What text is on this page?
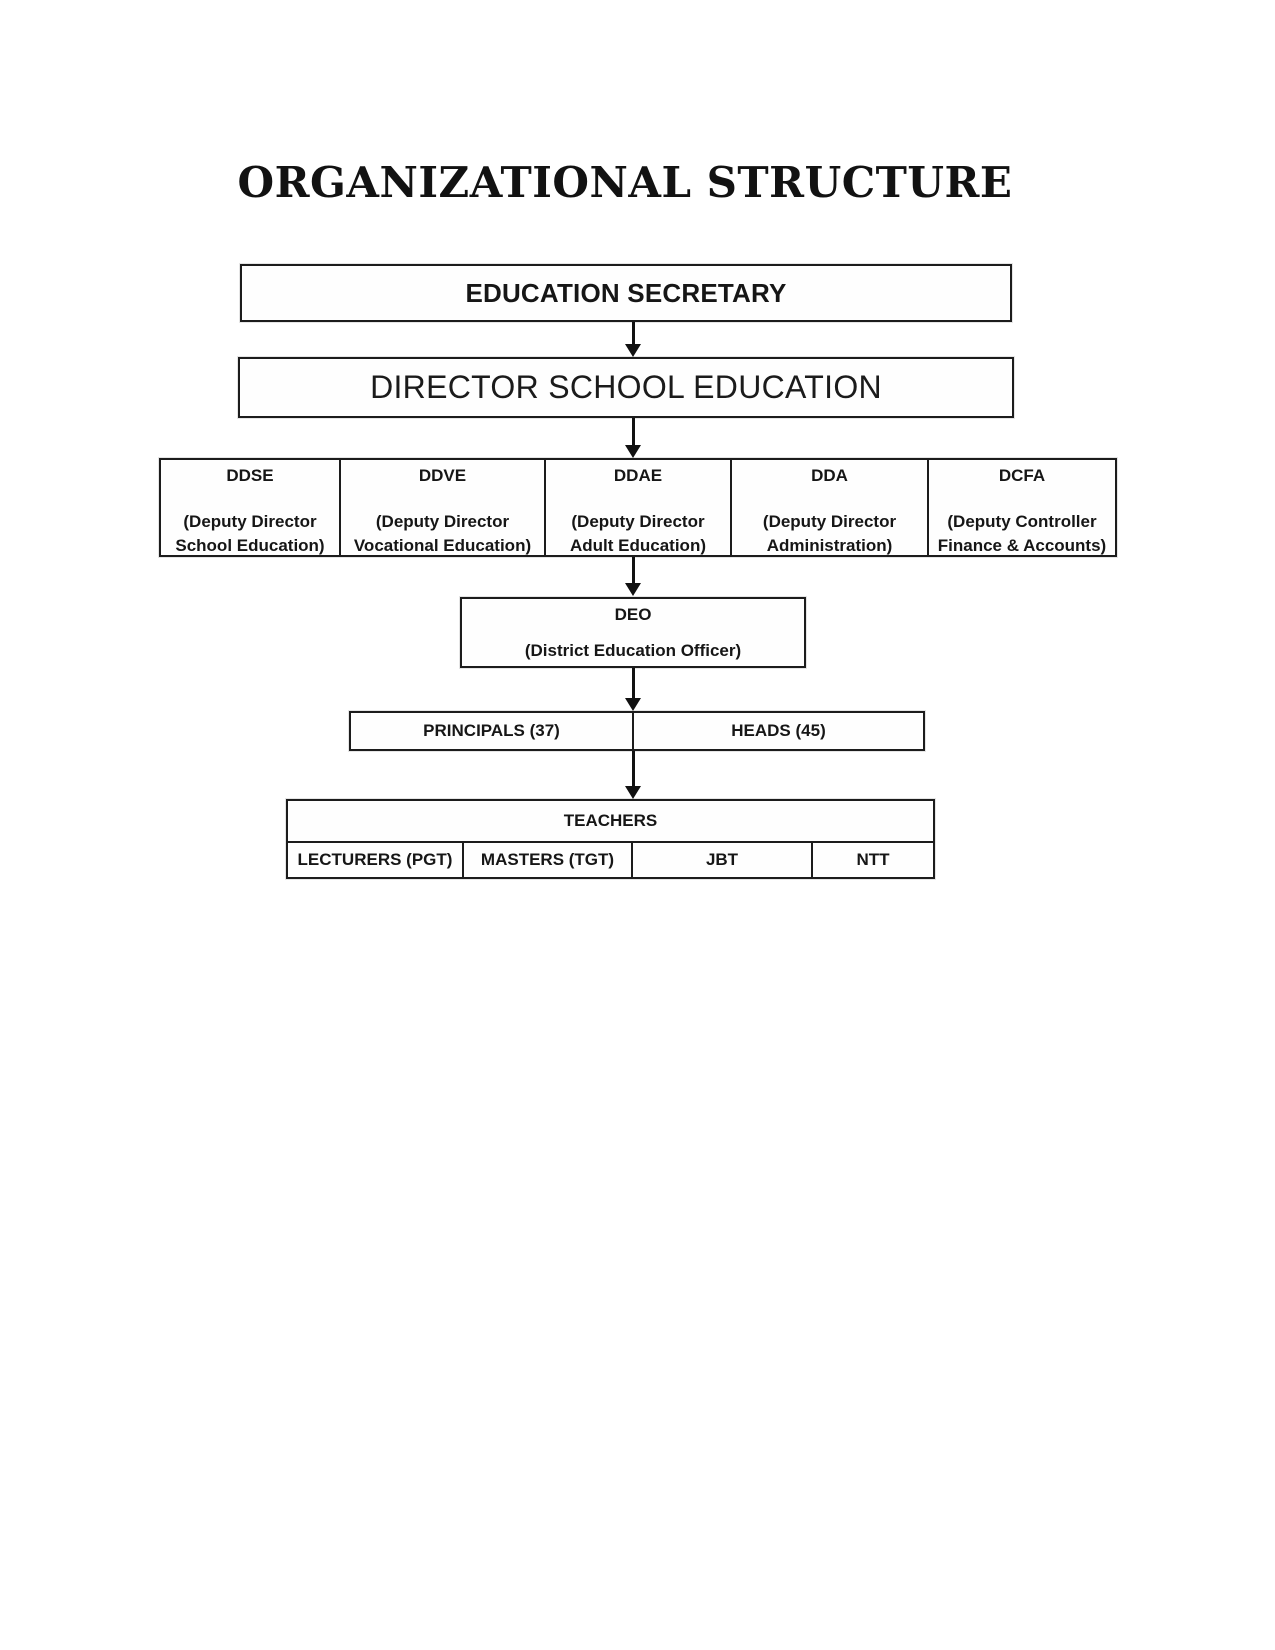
ORGANIZATIONAL STRUCTURE
EDUCATION SECRETARY
DIRECTOR SCHOOL EDUCATION
DDSE
(Deputy Director
School Education)
DDVE
(Deputy Director
Vocational Education)
DDAE
(Deputy Director
Adult Education)
DDA
(Deputy Director
Administration)
DCFA
(Deputy Controller
Finance & Accounts)
DEO
(District Education Officer)
PRINCIPALS (37)	HEADS (45)
TEACHERS
LECTURERS (PGT) MASTERS (TGT)	JBT	NTT
